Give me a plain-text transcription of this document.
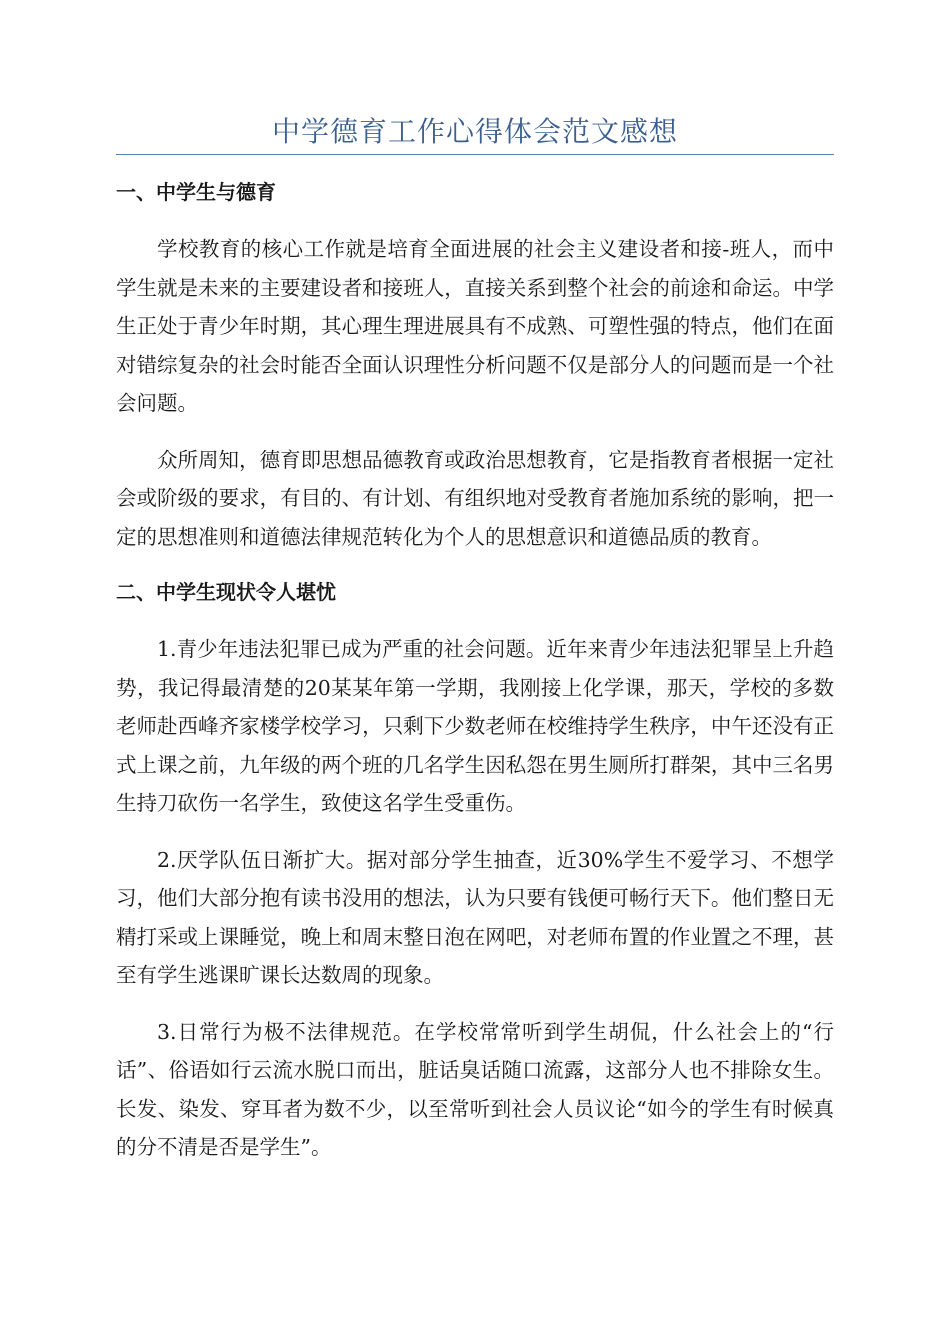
中学德育工作心得体会范文感想
一、中学生与德育

学校教育的核心工作就是培育全面进展的社会主义建设者和接-班人，而中学生就是未来的主要建设者和接班人，直接关系到整个社会的前途和命运。中学生正处于青少年时期，其心理生理进展具有不成熟、可塑性强的特点，他们在面对错综复杂的社会时能否全面认识理性分析问题不仅是部分人的问题而是一个社会问题。

众所周知，德育即思想品德教育或政治思想教育，它是指教育者根据一定社会或阶级的要求，有目的、有计划、有组织地对受教育者施加系统的影响，把一定的思想准则和道德法律规范转化为个人的思想意识和道德品质的教育。

二、中学生现状令人堪忧

1.青少年违法犯罪已成为严重的社会问题。近年来青少年违法犯罪呈上升趋势，我记得最清楚的20某某年第一学期，我刚接上化学课，那天，学校的多数老师赴西峰齐家楼学校学习，只剩下少数老师在校维持学生秩序，中午还没有正式上课之前，九年级的两个班的几名学生因私怨在男生厕所打群架，其中三名男生持刀砍伤一名学生，致使这名学生受重伤。

2.厌学队伍日渐扩大。据对部分学生抽查，近30%学生不爱学习、不想学习，他们大部分抱有读书没用的想法，认为只要有钱便可畅行天下。他们整日无精打采或上课睡觉，晚上和周末整日泡在网吧，对老师布置的作业置之不理，甚至有学生逃课旷课长达数周的现象。

3.日常行为极不法律规范。在学校常常听到学生胡侃，什么社会上的“行话”、俗语如行云流水脱口而出，脏话臭话随口流露，这部分人也不排除女生。长发、染发、穿耳者为数不少，以至常听到社会人员议论“如今的学生有时候真的分不清是否是学生”。
